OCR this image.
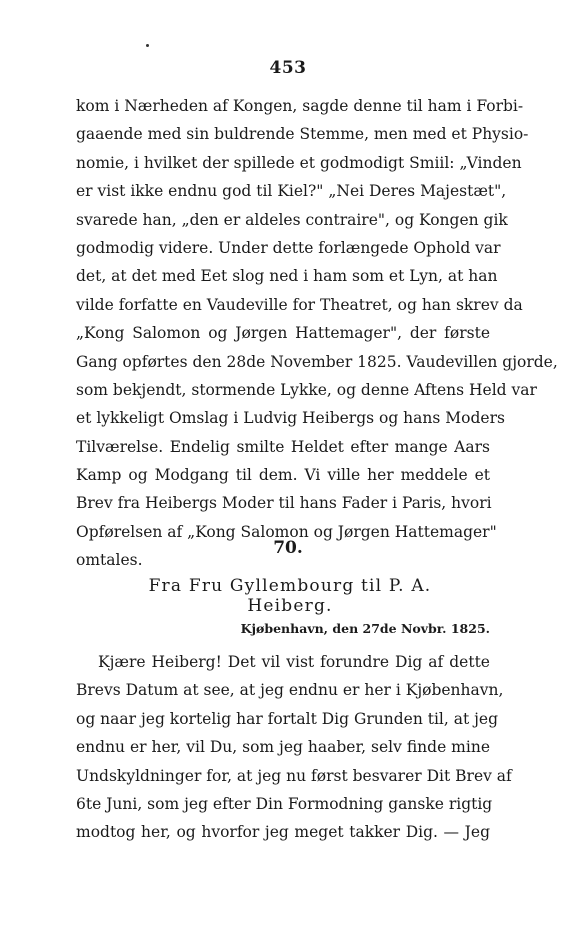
453
kom i Nærheden af Kongen, sagde denne til ham i Forbi-
gaaende med sin buldrende Stemme, men med et Physio-
nomie, i hvilket der spillede et godmodigt Smiil: „Vinden
er vist ikke endnu god til Kiel?" „Nei Deres Majestæt",
svarede han, „den er aldeles contraire", og Kongen gik
godmodig videre. Under dette forlængede Ophold var
det, at det med Eet slog ned i ham som et Lyn, at han
vilde forfatte en Vaudeville for Theatret, og han skrev da
„Kong Salomon og Jørgen Hattemager", der første
Gang opførtes den 28de November 1825. Vaudevillen gjorde,
som bekjendt, stormende Lykke, og denne Aftens Held var
et lykkeligt Omslag i Ludvig Heibergs og hans Moders
Tilværelse. Endelig smilte Heldet efter mange Aars
Kamp og Modgang til dem. Vi ville her meddele et
Brev fra Heibergs Moder til hans Fader i Paris, hvori
Opførelsen af „Kong Salomon og Jørgen Hattemager"
omtales.
70.
Fra Fru Gyllembourg til P. A. Heiberg.
Kjøbenhavn, den 27de Novbr. 1825.
Kjære Heiberg! Det vil vist forundre Dig af dette
Brevs Datum at see, at jeg endnu er her i Kjøbenhavn,
og naar jeg kortelig har fortalt Dig Grunden til, at jeg
endnu er her, vil Du, som jeg haaber, selv finde mine
Undskyldninger for, at jeg nu først besvarer Dit Brev af
6te Juni, som jeg efter Din Formodning ganske rigtig
modtog her, og hvorfor jeg meget takker Dig. — Jeg
